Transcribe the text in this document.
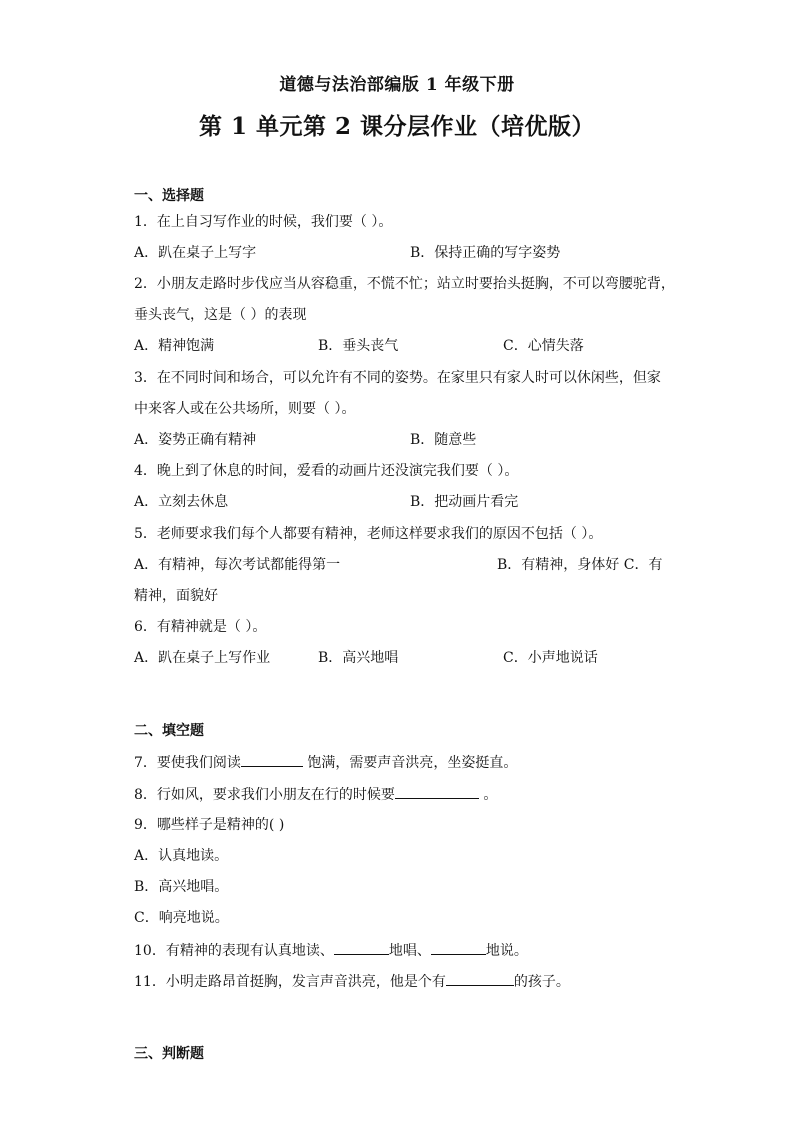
道德与法治部编版 1 年级下册
第 1 单元第 2 课分层作业（培优版）
一、选择题
1．在上自习写作业的时候，我们要（ ）。
A．趴在桌子上写字	B．保持正确的写字姿势
2．小朋友走路时步伐应当从容稳重，不慌不忙；站立时要抬头挺胸，不可以弯腰驼背，
垂头丧气，这是（ ）的表现
A．精神饱满	B．垂头丧气	C．心情失落
3．在不同时间和场合，可以允许有不同的姿势。在家里只有家人时可以休闲些，但家
中来客人或在公共场所，则要（ ）。
A．姿势正确有精神	B．随意些
4．晚上到了休息的时间，爱看的动画片还没演完我们要（ ）。
A．立刻去休息	B．把动画片看完
5．老师要求我们每个人都要有精神，老师这样要求我们的原因不包括（ ）。
A．有精神，每次考试都能得第一	B．有精神，身体好 C．有
精神，面貌好
6．有精神就是（ ）。
A．趴在桌子上写作业	B．高兴地唱	C．小声地说话
二、填空题
7．要使我们阅读	饱满，需要声音洪亮，坐姿挺直。
8．行如风，要求我们小朋友在行的时候要	。
9．哪些样子是精神的( )
A．认真地读。
B．高兴地唱。
C．响亮地说。
10．有精神的表现有认真地读、	地唱、	地说。
11．小明走路昂首挺胸，发言声音洪亮，他是个有	的孩子。
三、判断题
